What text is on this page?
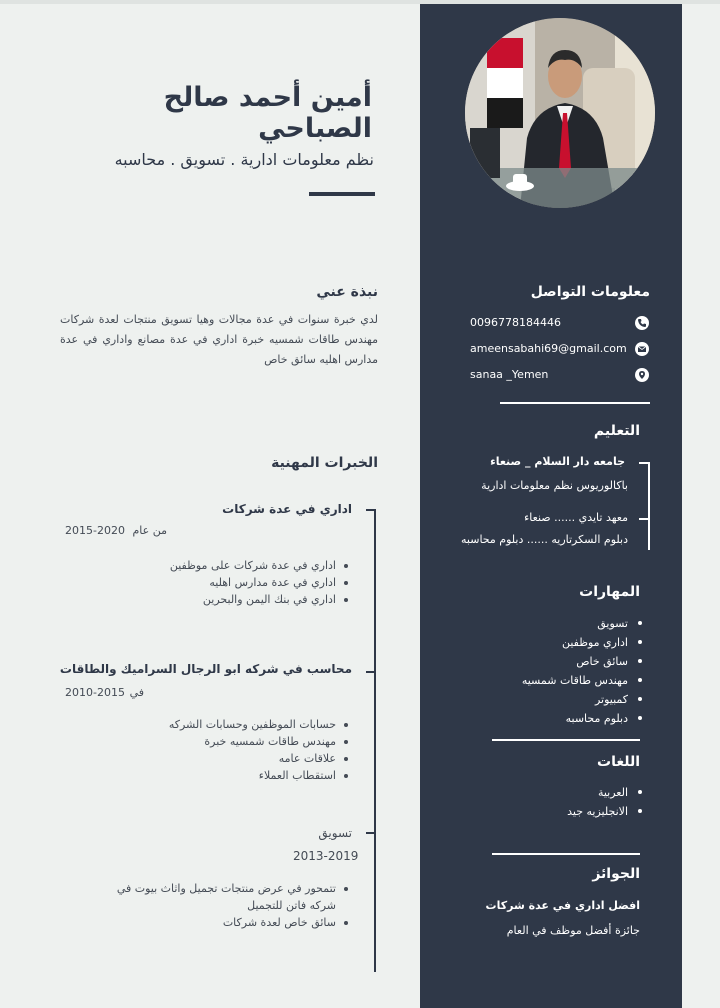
أمين أحمد صالح الصباحي
نظم معلومات ادارية . تسويق . محاسبه
نبذة عني
لدي خبرة سنوات في عدة مجالات وهيا تسويق منتجات لعدة شركات مهندس طاقات شمسيه خبرة اداري في عدة مصانع واداري في عدة مدارس اهليه سائق خاص
الخبرات المهنية
اداري في عدة شركات
من عام
2015-2020
اداري في عدة شركات على موظفين
اداري في عدة مدارس اهليه
اداري في بنك اليمن والبحرين
محاسب في شركه ابو الرجال السراميك والطاقات
في
2010-2015
حسابات الموظفين وحسابات الشركه
مهندس طاقات شمسيه خبرة
علاقات عامه
استقطاب العملاء
تسويق
2013-2019
تتمحور في عرض منتجات تجميل واثاث بيوت في شركه فاتن للتجميل
سائق خاص لعدة شركات
معلومات التواصل
0096778184446
ameensabahi69@gmail.com
sanaa _Yemen
التعليم
جامعه دار السلام _ صنعاء
باكالوريوس نظم معلومات ادارية
معهد تايدي ...... صنعاء
دبلوم السكرتاريه ...... دبلوم محاسبه
المهارات
تسويق
اداري موظفين
سائق خاص
مهندس طاقات شمسيه
كمبيوتر
دبلوم محاسبه
اللغات
العربية
الانجليزيه جيد
الجوائز
افضل اداري في عدة شركات
جائزة أفضل موظف في العام
